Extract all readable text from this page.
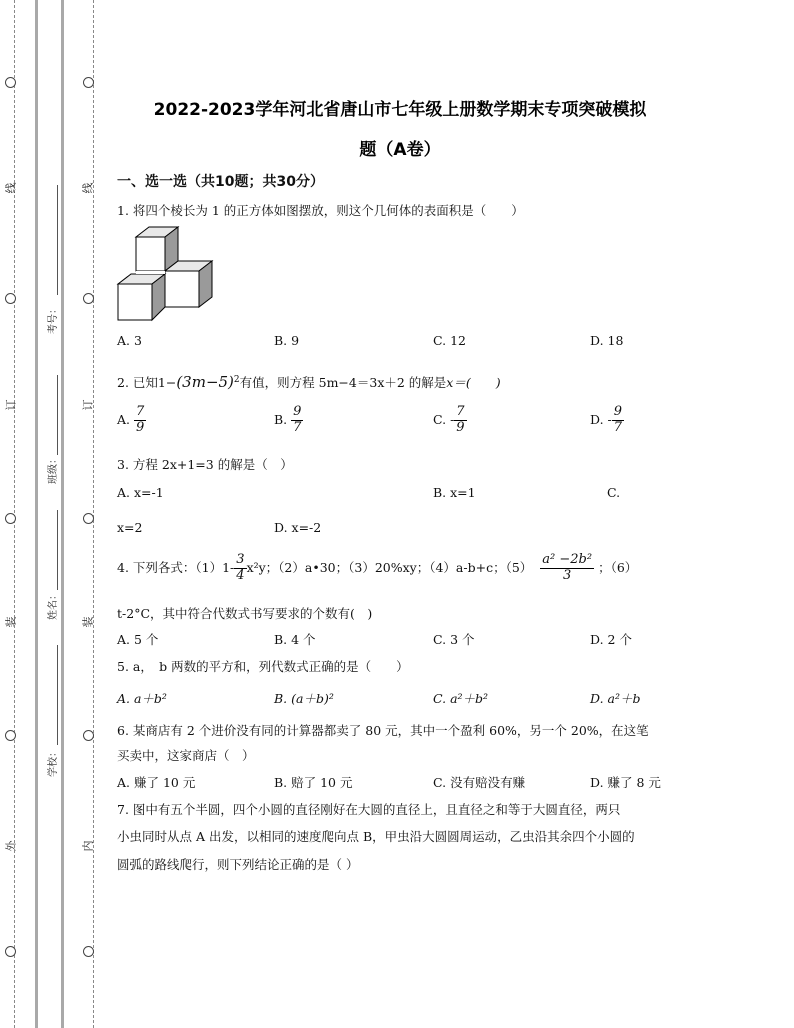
线
订
装
外
线
订
装
内
考号：
班级：
姓名：
学校：
2022-2023学年河北省唐山市七年级上册数学期末专项突破模拟
题（A卷）
一、选一选（共10题；共30分）
1. 将四个棱长为 1 的正方体如图摆放，则这个几何体的表面积是（　　）
A. 3	B. 9	C. 12	D. 18
2. 已知$1-(3m-5)^2$有值，则方程 5m−4＝3x＋2 的解是x＝(　　)
A. $\frac{7}{9}$	B. $\frac{9}{7}$	C. - $\frac{7}{9}$	D. - $\frac{9}{7}$
3. 方程 2x+1=3 的解是（　）
A. x=-1	B. x=1	C.
x=2	D. x=-2
4. 下列各式：$(1)1- \frac{3}{4} x^2y$；（2）a•30；（3）20%xy；（4）a-b+c；$(5) \frac{\text{a² −2b²}}{3}$ ；（6）
t-2°C，其中符合代数式书写要求的个数有(　)
A. 5 个	B. 4 个	C. 3 个	D. 2 个
5. a，　b 两数的平方和，列代数式正确的是（　　）
A. a＋b²	B. (a＋b)²	C. a²＋b²	D. a²＋b
6. 某商店有 2 个进价没有同的计算器都卖了 80 元，其中一个盈利 60%，另一个 20%，在这笔
买卖中，这家商店（　）
A. 赚了 10 元	B. 赔了 10 元	C. 没有赔没有赚	D. 赚了 8 元
7. 图中有五个半圆，四个小圆的直径刚好在大圆的直径上，且直径之和等于大圆直径，两只
小虫同时从点 A 出发，以相同的速度爬向点 B，甲虫沿大圆圆周运动，乙虫沿其余四个小圆的
圆弧的路线爬行，则下列结论正确的是（ ）
